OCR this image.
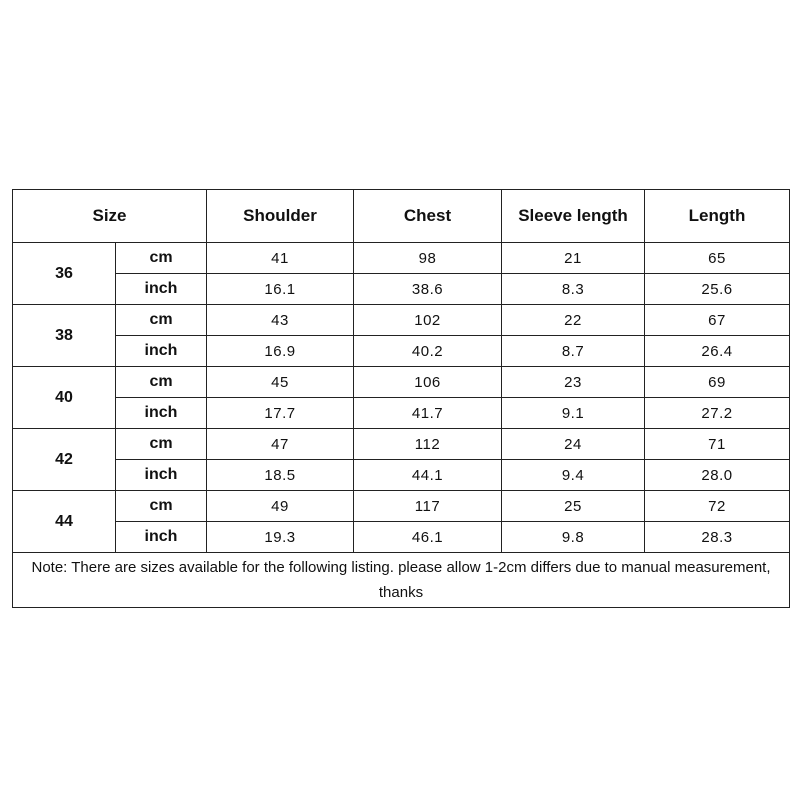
Size		Shoulder	Chest	Sleeve length	Length
36	cm	41	98	21	65
	inch	16.1	38.6	8.3	25.6
38	cm	43	102	22	67
	inch	16.9	40.2	8.7	26.4
40	cm	45	106	23	69
	inch	17.7	41.7	9.1	27.2
42	cm	47	112	24	71
	inch	18.5	44.1	9.4	28.0
44	cm	49	117	25	72
	inch	19.3	46.1	9.8	28.3
Note: There are sizes available for the following listing. please allow 1-2cm differs due to manual measurement, thanks					
